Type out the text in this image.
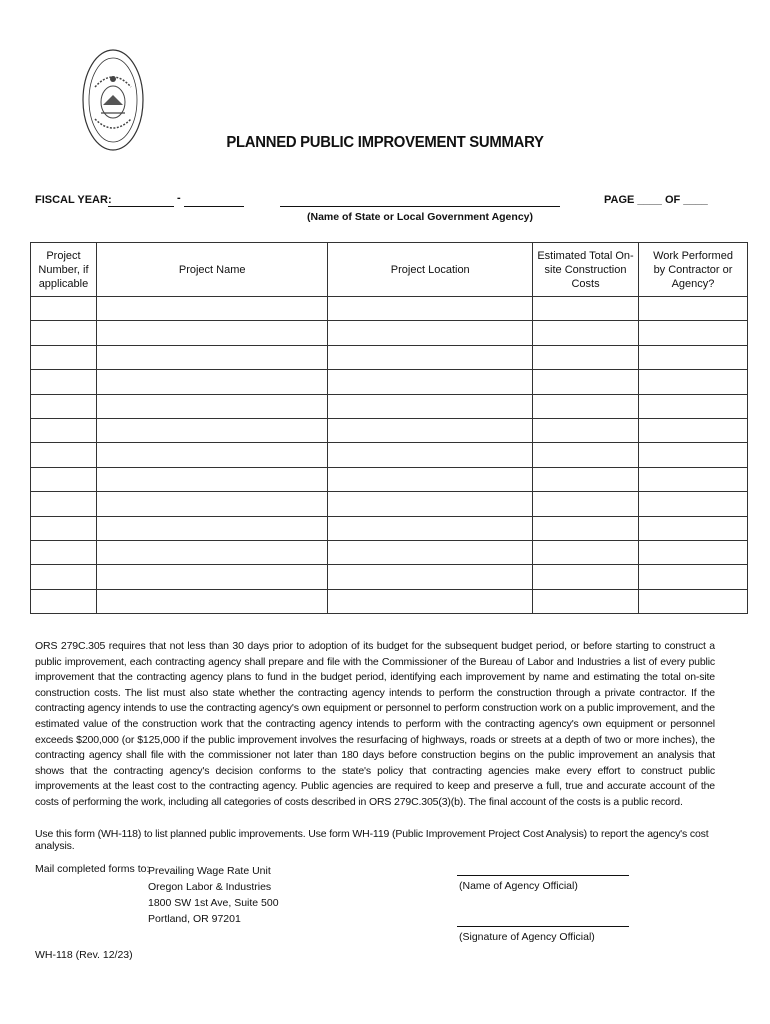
PLANNED PUBLIC IMPROVEMENT SUMMARY
FISCAL YEAR:	-	PAGE ____ OF ____
(Name of State or Local Government Agency)
Project Number, if applicable	Project Name	Project Location	Estimated Total On-site Construction Costs	Work Performed by Contractor or Agency?

ORS 279C.305 requires that not less than 30 days prior to adoption of its budget for the subsequent budget period, or before starting to construct a public improvement, each contracting agency shall prepare and file with the Commissioner of the Bureau of Labor and Industries a list of every public improvement that the contracting agency plans to fund in the budget period, identifying each improvement by name and estimating the total on-site construction costs. The list must also state whether the contracting agency intends to perform the construction through a private contractor. If the contracting agency intends to use the contracting agency's own equipment or personnel to perform construction work on a public improvement, and the estimated value of the construction work that the contracting agency intends to perform with the contracting agency's own equipment or personnel exceeds $200,000 (or $125,000 if the public improvement involves the resurfacing of highways, roads or streets at a depth of two or more inches), the contracting agency shall file with the commissioner not later than 180 days before construction begins on the public improvement an analysis that shows that the contracting agency's decision conforms to the state's policy that contracting agencies make every effort to construct public improvements at the least cost to the contracting agency. Public agencies are required to keep and preserve a full, true and accurate account of the costs of performing the work, including all categories of costs described in ORS 279C.305(3)(b). The final account of the costs is a public record.
Use this form (WH-118) to list planned public improvements. Use form WH-119 (Public Improvement Project Cost Analysis) to report the agency's cost analysis.
Mail completed forms to:
Prevailing Wage Rate Unit
Oregon Labor & Industries
1800 SW 1st Ave, Suite 500
Portland, OR 97201
(Name of Agency Official)
(Signature of Agency Official)
WH-118 (Rev. 12/23)
